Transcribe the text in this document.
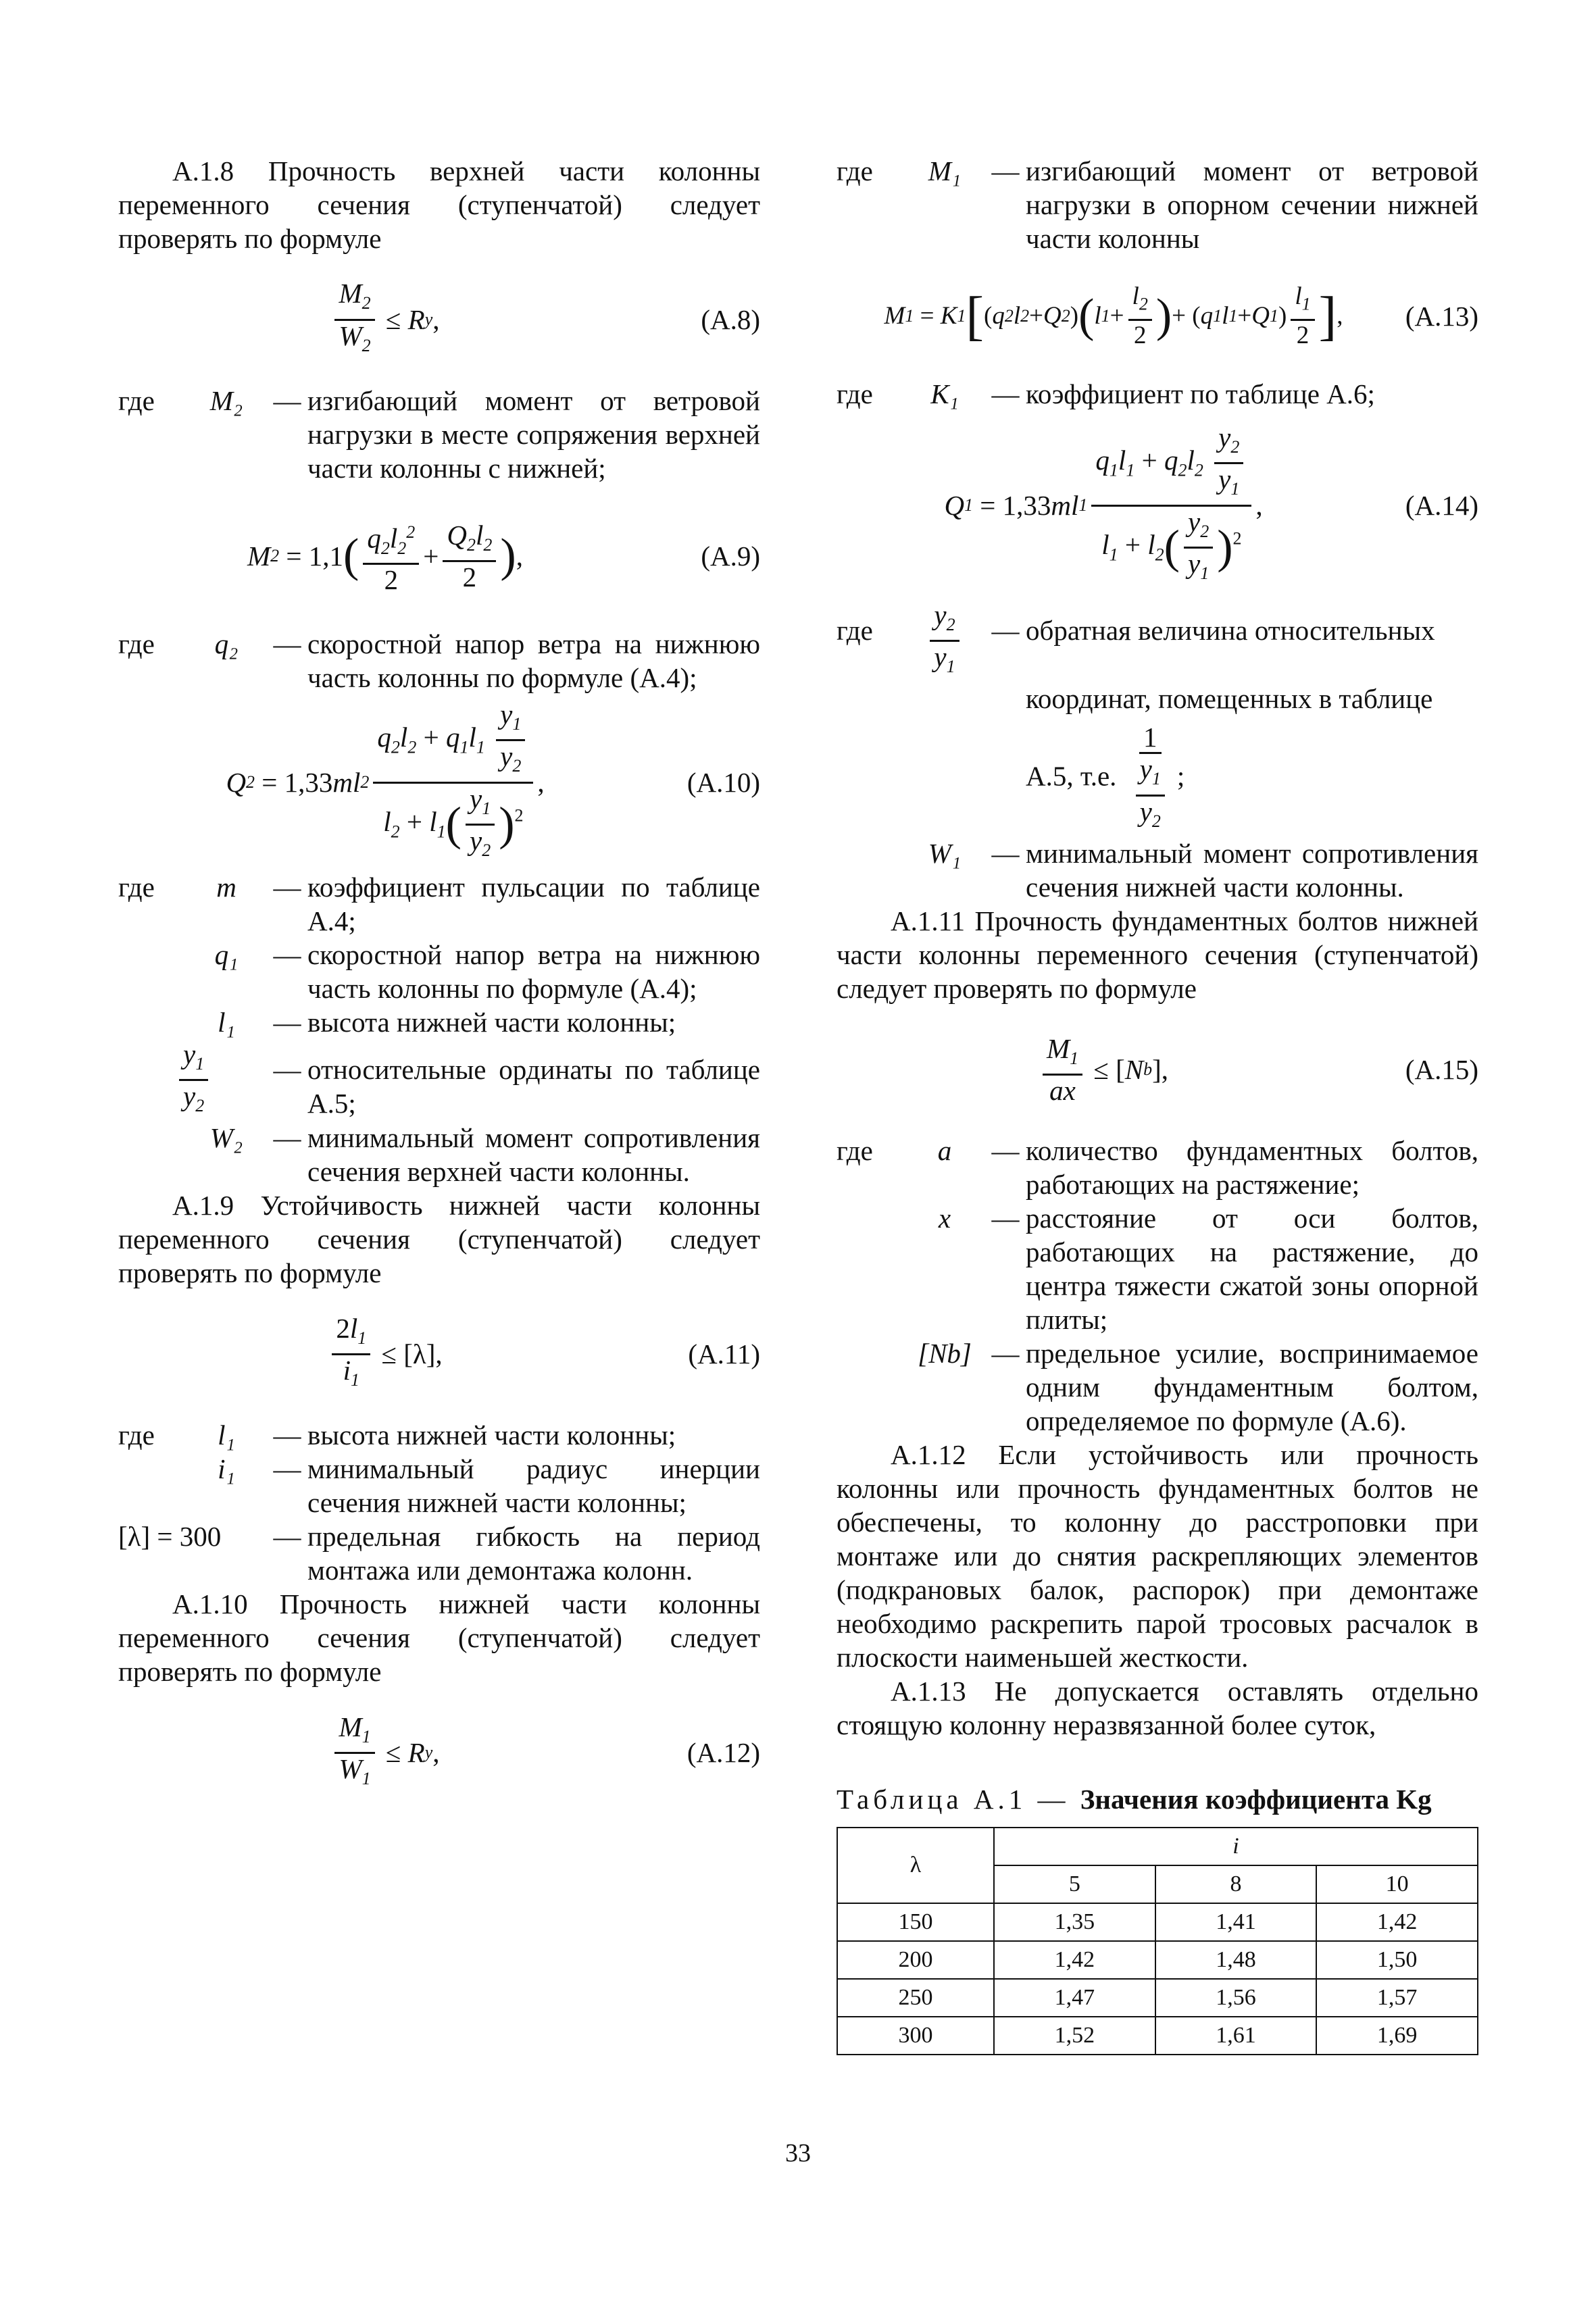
А.1.8 Прочность верхней части колонны переменного сечения (ступенчатой) следует проверять по формуле

$\frac{M_2}{W_2} \le R$ y ,	(А.8)
где	M₂	— изгибающий момент от ветровой нагрузки в месте сопряжения верхней части колонны с нижней;
M 2 = 1,1 ( $\frac{q_2l_2^2}{2} + \frac{Q_2l_2}{2}$ ) ,	(А.9)
где	q₂	— скоростной напор ветра на нижнюю часть колонны по формуле (А.4);
Q 2 = 1,33 ml $2 \frac{q_2l_2 + q_1l_1 \frac{y_1}{y_2}}{l_2 + l_1( \frac{y_1}{y_2} )^2}$ ,	(А.10)
где	m	— коэффициент пульсации по таблице А.4;
q₁	— скоростной напор ветра на нижнюю часть колонны по формуле (А.4);
l₁	— высота нижней части колонны;
$\frac{y_1}{y_2}$ — относительные ординаты по таблице А.5;
W₂	— минимальный момент сопротивления сечения верхней части колонны.

А.1.9 Устойчивость нижней части колонны переменного сечения (ступенчатой) следует проверять по формуле

$\frac{2l_1}{i_1} \le [\lambda]$,	(А.11)
где	l₁	— высота нижней части колонны;
i₁	— минимальный радиус инерции сечения нижней части колонны;
[λ] = 300	— предельная гибкость на период монтажа или демонтажа колонн.

А.1.10 Прочность нижней части колонны переменного сечения (ступенчатой) следует проверять по формуле

$\frac{M_1}{W_1} \le R$ y ,	(А.12)
где	M₁	— изгибающий момент от ветровой нагрузки в опорном сечении нижней части колонны
M 1 = K 1 [ ( q 2 l 2 + Q 2 ) ( l $1 + \frac{l_2}{2}$ ) + ( q 1 l 1 + Q 1 ) $\frac{l_1}{2}$ ] , (А.13)
где	K₁	— коэффициент по таблице А.6;
Q 1 = 1,33 ml $1 \frac{q_1l_1 + q_2l_2 \frac{y_2}{y_1}}{l_1 + l_2( \frac{y_2}{y_1} )^2}$ ,	(А.14)
где	$\frac{y_2}{y_1}$ — обратная величина относительных
координат, помещенных в таблице
А.5, т.е. $\frac{1}{\frac{y_1}{y_2}}$ ;
W₁	— минимальный момент сопротивления сечения нижней части колонны.

А.1.11 Прочность фундаментных болтов нижней части колонны переменного сечения (ступенчатой) следует проверять по формуле

$\frac{M_1}{ax}$ ≤ [ N b ],	(А.15)
где	a	— количество фундаментных болтов, работающих на растяжение;
x	— расстояние от оси болтов, работающих на растяжение, до центра тяжести сжатой зоны опорной плиты;
[Nb] — предельное усилие, воспринимаемое одним фундаментным болтом, определяемое по формуле (А.6).

А.1.12 Если устойчивость или прочность колонны или прочность фундаментных болтов не обеспечены, то колонну до расстроповки при монтаже или до снятия раскрепляющих элементов (подкрановых балок, распорок) при демонтаже необходимо раскрепить парой тросовых расчалок в плоскости наименьшей жесткости.

А.1.13 Не допускается оставлять отдельно стоящую колонну неразвязанной более суток,

Таблица А.1 — Значения коэффициента Kg
λ	i		
	5	8	10
150	1,35	1,41	1,42
200	1,42	1,48	1,50
250	1,47	1,56	1,57
300	1,52	1,61	1,69
33
